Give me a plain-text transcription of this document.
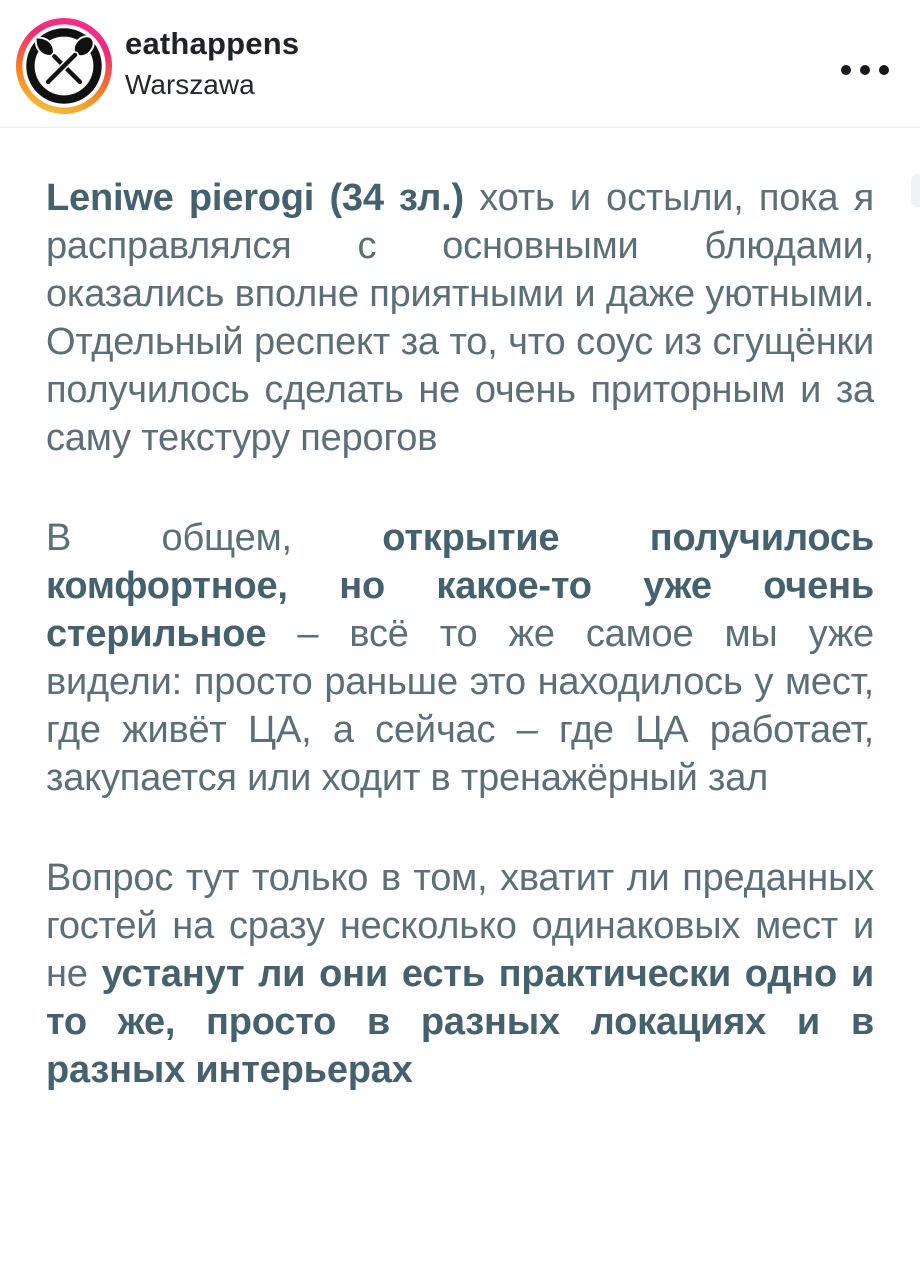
eathappens
Warszawa

Leniwe pierogi (34 зл.) хоть и остыли, пока я расправлялся с основными блюдами, оказались вполне приятными и даже уютными. Отдельный респект за то, что соус из сгущёнки получилось сделать не очень приторным и за саму текстуру перогов

В общем, открытие получилось комфортное, но какое-то уже очень стерильное – всё то же самое мы уже видели: просто раньше это находилось у мест, где живёт ЦА, а сейчас – где ЦА работает, закупается или ходит в тренажёрный зал

Вопрос тут только в том, хватит ли преданных гостей на сразу несколько одинаковых мест и не устанут ли они есть практически одно и то же, просто в разных локациях и в разных интерьерах
